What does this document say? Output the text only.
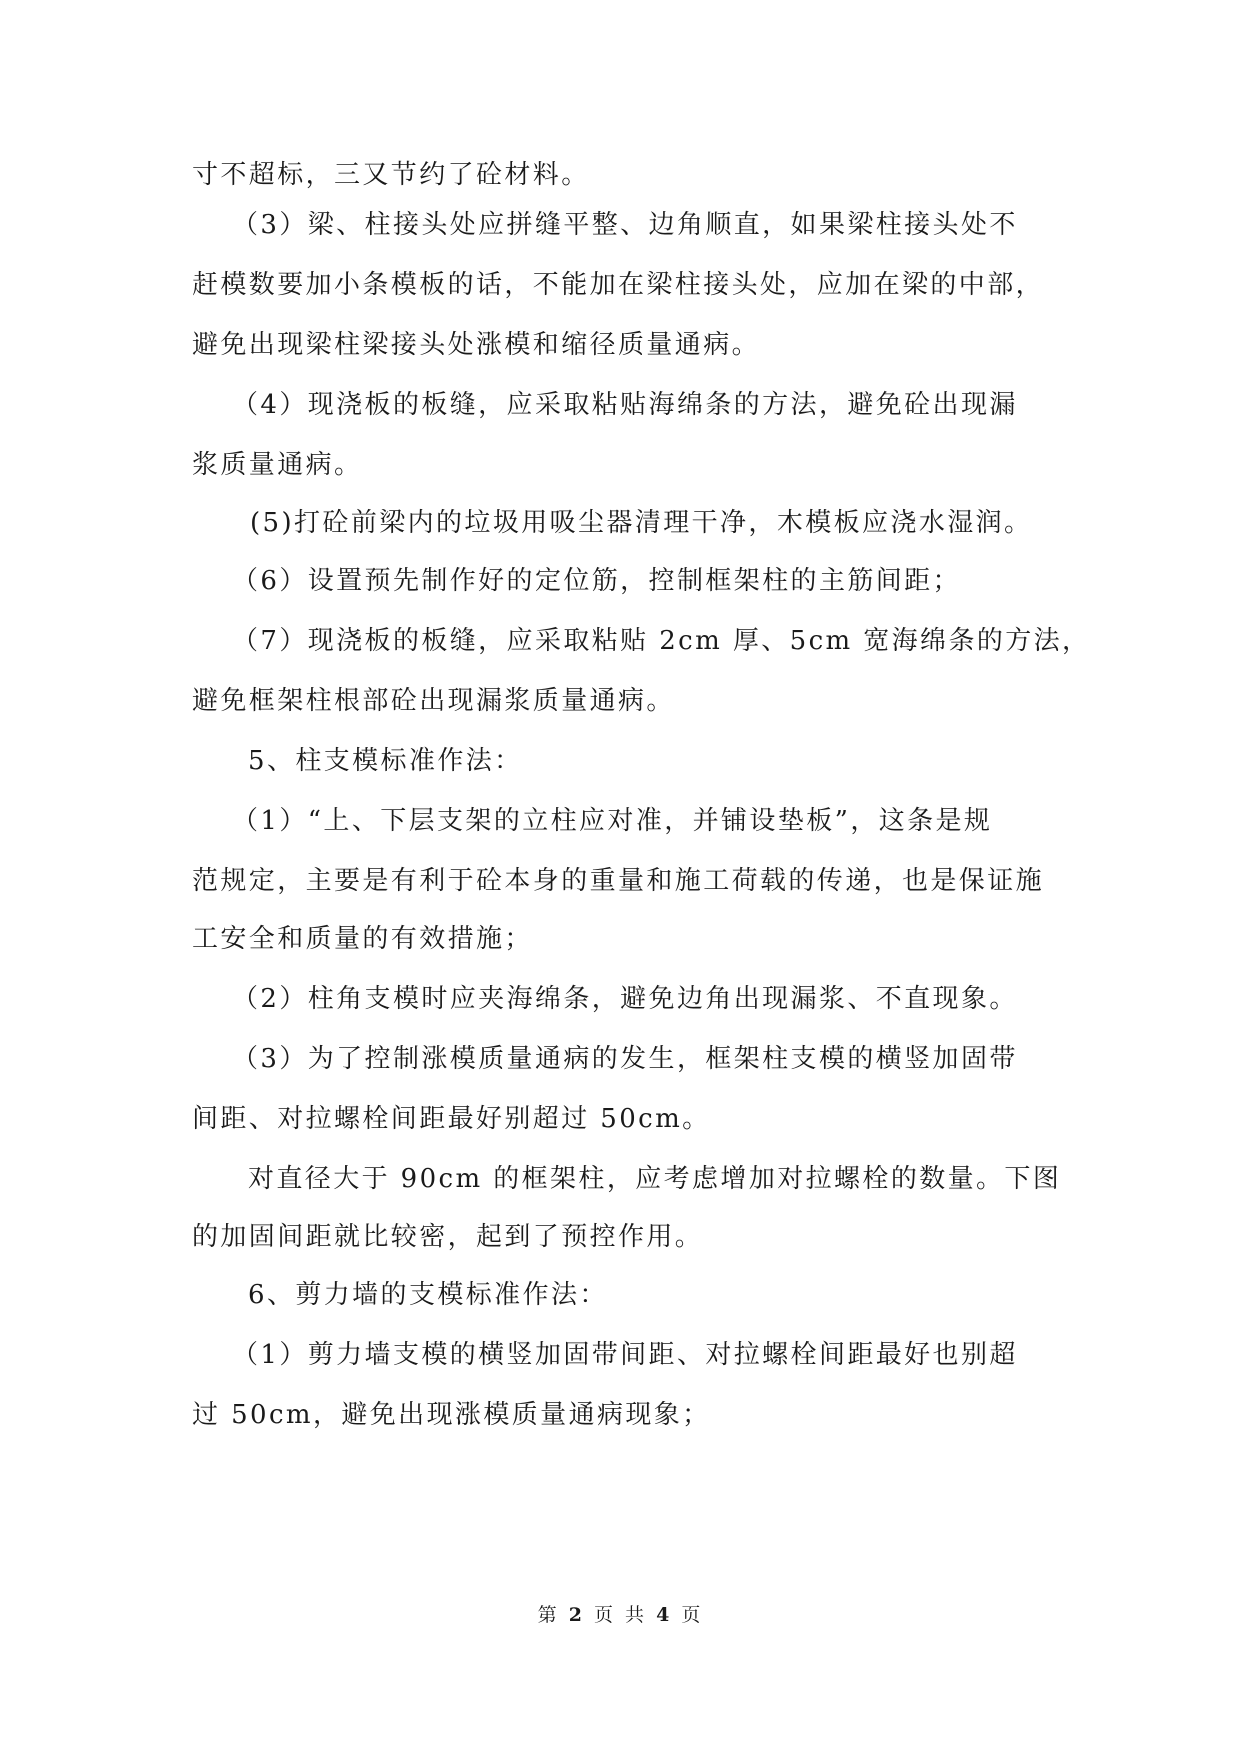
寸不超标，三又节约了砼材料。
（3）梁、柱接头处应拼缝平整、边角顺直，如果梁柱接头处不
赶模数要加小条模板的话，不能加在梁柱接头处，应加在梁的中部，
避免出现梁柱梁接头处涨模和缩径质量通病。
（4）现浇板的板缝，应采取粘贴海绵条的方法，避免砼出现漏
浆质量通病。
(5)打砼前梁内的垃圾用吸尘器清理干净，木模板应浇水湿润。
（6）设置预先制作好的定位筋，控制框架柱的主筋间距；
（7）现浇板的板缝，应采取粘贴 2cm 厚、5cm 宽海绵条的方法，
避免框架柱根部砼出现漏浆质量通病。
5、柱支模标准作法：
（1）“上、下层支架的立柱应对准，并铺设垫板”，这条是规
范规定，主要是有利于砼本身的重量和施工荷载的传递，也是保证施
工安全和质量的有效措施；
（2）柱角支模时应夹海绵条，避免边角出现漏浆、不直现象。
（3）为了控制涨模质量通病的发生，框架柱支模的横竖加固带
间距、对拉螺栓间距最好别超过 50cm。
对直径大于 90cm 的框架柱，应考虑增加对拉螺栓的数量。下图
的加固间距就比较密，起到了预控作用。
6、剪力墙的支模标准作法：
（1）剪力墙支模的横竖加固带间距、对拉螺栓间距最好也别超
过 50cm，避免出现涨模质量通病现象；
第 2 页 共 4 页
